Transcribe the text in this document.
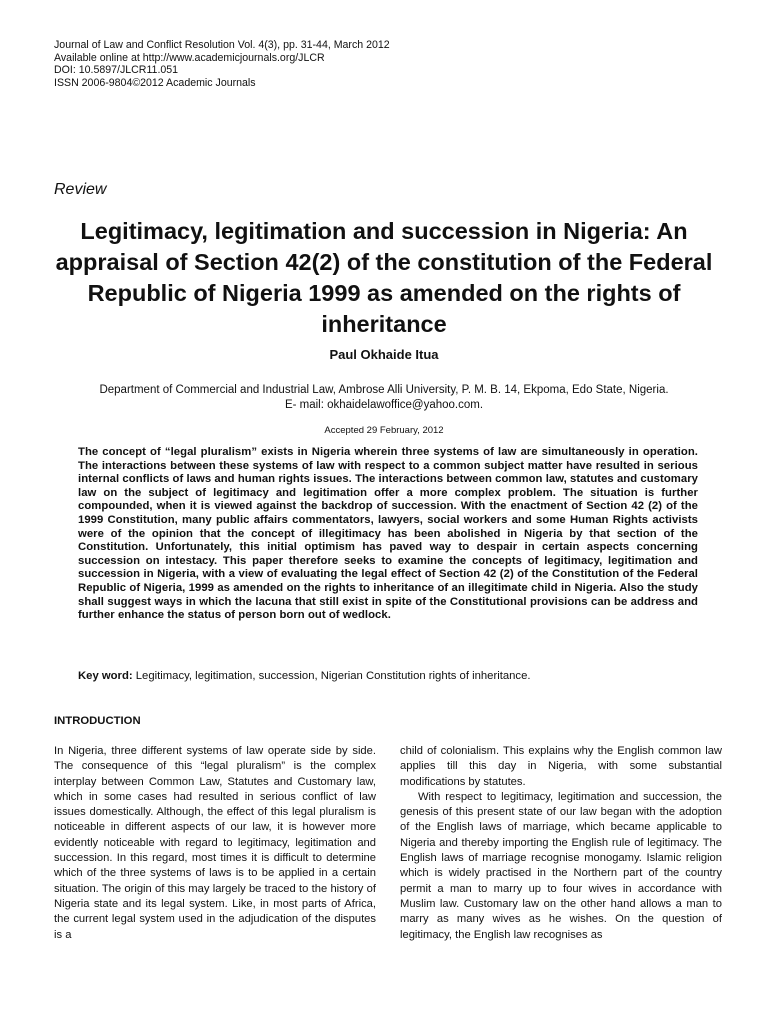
Journal of Law and Conflict Resolution Vol. 4(3), pp. 31-44, March 2012
Available online at http://www.academicjournals.org/JLCR
DOI: 10.5897/JLCR11.051
ISSN 2006-9804©2012 Academic Journals
Review
Legitimacy, legitimation and succession in Nigeria: An appraisal of Section 42(2) of the constitution of the Federal Republic of Nigeria 1999 as amended on the rights of inheritance
Paul Okhaide Itua
Department of Commercial and Industrial Law, Ambrose Alli University, P. M. B. 14, Ekpoma, Edo State, Nigeria.
E- mail: okhaidelawoffice@yahoo.com.
Accepted 29 February, 2012
The concept of “legal pluralism” exists in Nigeria wherein three systems of law are simultaneously in operation. The interactions between these systems of law with respect to a common subject matter have resulted in serious internal conflicts of laws and human rights issues. The interactions between common law, statutes and customary law on the subject of legitimacy and legitimation offer a more complex problem. The situation is further compounded, when it is viewed against the backdrop of succession. With the enactment of Section 42 (2) of the 1999 Constitution, many public affairs commentators, lawyers, social workers and some Human Rights activists were of the opinion that the concept of illegitimacy has been abolished in Nigeria by that section of the Constitution. Unfortunately, this initial optimism has paved way to despair in certain aspects concerning succession on intestacy. This paper therefore seeks to examine the concepts of legitimacy, legitimation and succession in Nigeria, with a view of evaluating the legal effect of Section 42 (2) of the Constitution of the Federal Republic of Nigeria, 1999 as amended on the rights to inheritance of an illegitimate child in Nigeria. Also the study shall suggest ways in which the lacuna that still exist in spite of the Constitutional provisions can be address and further enhance the status of person born out of wedlock.
Key word: Legitimacy, legitimation, succession, Nigerian Constitution rights of inheritance.
INTRODUCTION

In Nigeria, three different systems of law operate side by side. The consequence of this “legal pluralism” is the complex interplay between Common Law, Statutes and Customary law, which in some cases had resulted in serious conflict of law issues domestically. Although, the effect of this legal pluralism is noticeable in different aspects of our law, it is however more evidently noticeable with regard to legitimacy, legitimation and succession. In this regard, most times it is difficult to determine which of the three systems of laws is to be applied in a certain situation. The origin of this may largely be traced to the history of Nigeria state and its legal system. Like, in most parts of Africa, the current legal system used in the adjudication of the disputes is a

child of colonialism. This explains why the English common law applies till this day in Nigeria, with some substantial modifications by statutes.

With respect to legitimacy, legitimation and succession, the genesis of this present state of our law began with the adoption of the English laws of marriage, which became applicable to Nigeria and thereby importing the English rule of legitimacy. The English laws of marriage recognise monogamy. Islamic religion which is widely practised in the Northern part of the country permit a man to marry up to four wives in accordance with Muslim law. Customary law on the other hand allows a man to marry as many wives as he wishes. On the question of legitimacy, the English law recognises as
